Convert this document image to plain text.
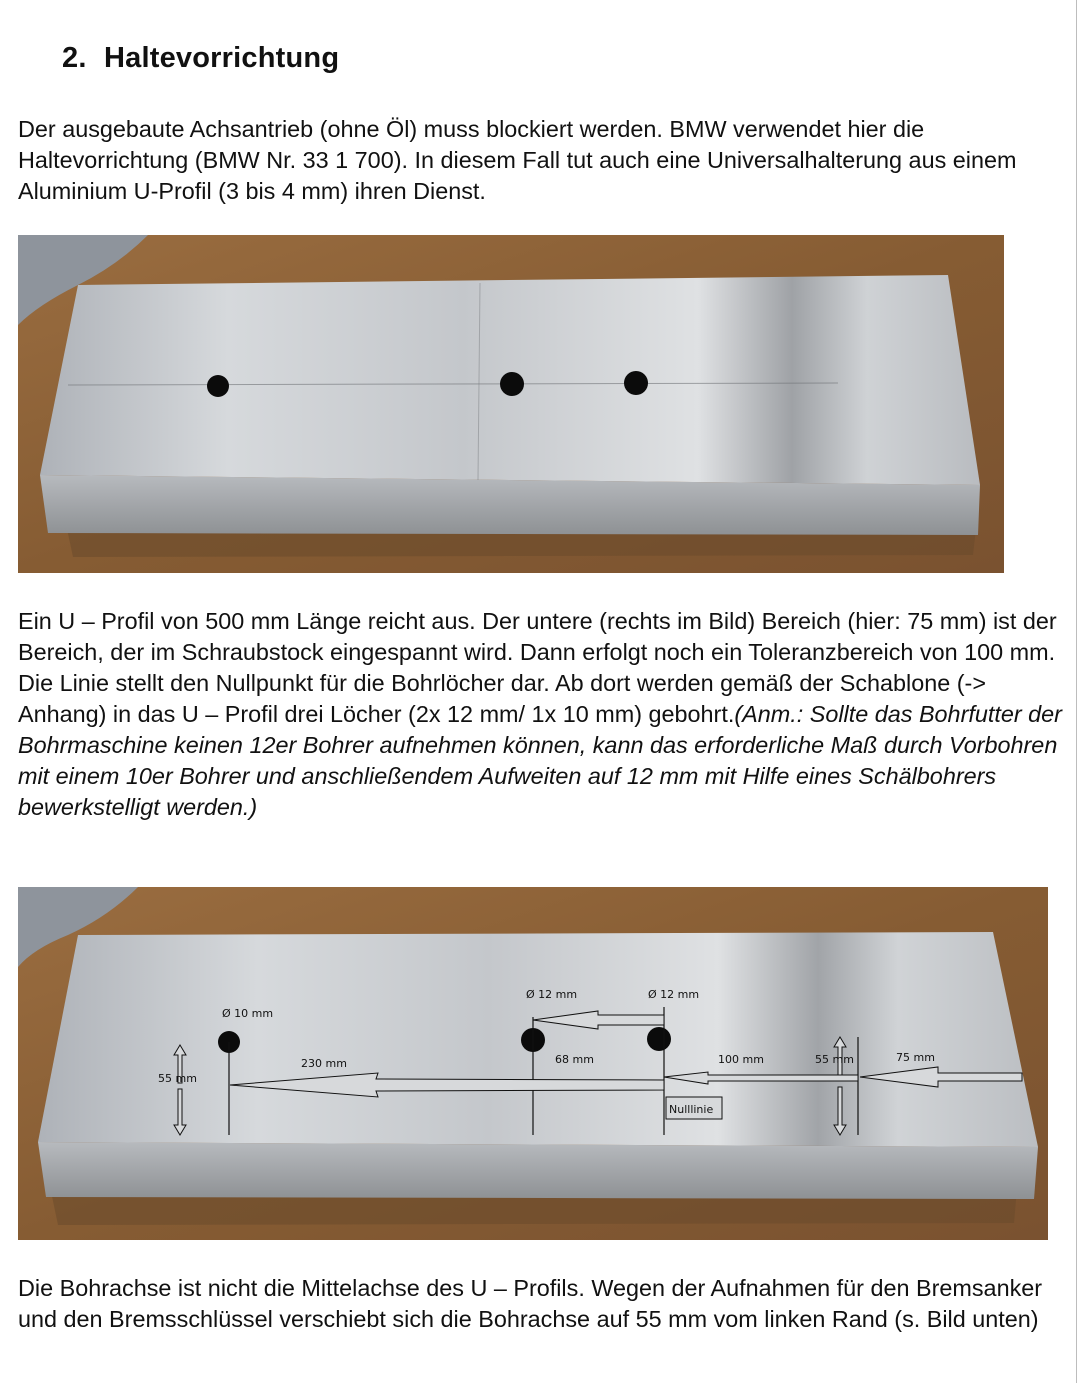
2. Haltevorrichtung

Der ausgebaute Achsantrieb (ohne Öl) muss blockiert werden. BMW verwendet hier die Haltevorrichtung (BMW Nr. 33 1 700). In diesem Fall tut auch eine Universalhalterung aus einem Aluminium U-Profil (3 bis 4 mm) ihren Dienst.

Ein U – Profil von 500 mm Länge reicht aus. Der untere (rechts im Bild) Bereich (hier: 75 mm) ist der Bereich, der im Schraubstock eingespannt wird. Dann erfolgt noch ein Toleranzbereich von 100 mm. Die Linie stellt den Nullpunkt für die Bohrlöcher dar. Ab dort werden gemäß der Schablone (-> Anhang) in das U – Profil drei Löcher (2x 12 mm/ 1x 10 mm) gebohrt.(Anm.: Sollte das Bohrfutter der Bohrmaschine keinen 12er Bohrer aufnehmen können, kann das erforderliche Maß durch Vorbohren mit einem 10er Bohrer und anschließendem Aufweiten auf 12 mm mit Hilfe eines Schälbohrers bewerkstelligt werden.)

Ø 10 mm
Ø 12 mm	Ø 12 mm
55 mm
230 mm	68 mm	100 mm	55 mm	75 mm
Nulllinie

Die Bohrachse ist nicht die Mittelachse des U – Profils. Wegen der Aufnahmen für den Bremsanker und den Bremsschlüssel verschiebt sich die Bohrachse auf 55 mm vom linken Rand (s. Bild unten)
